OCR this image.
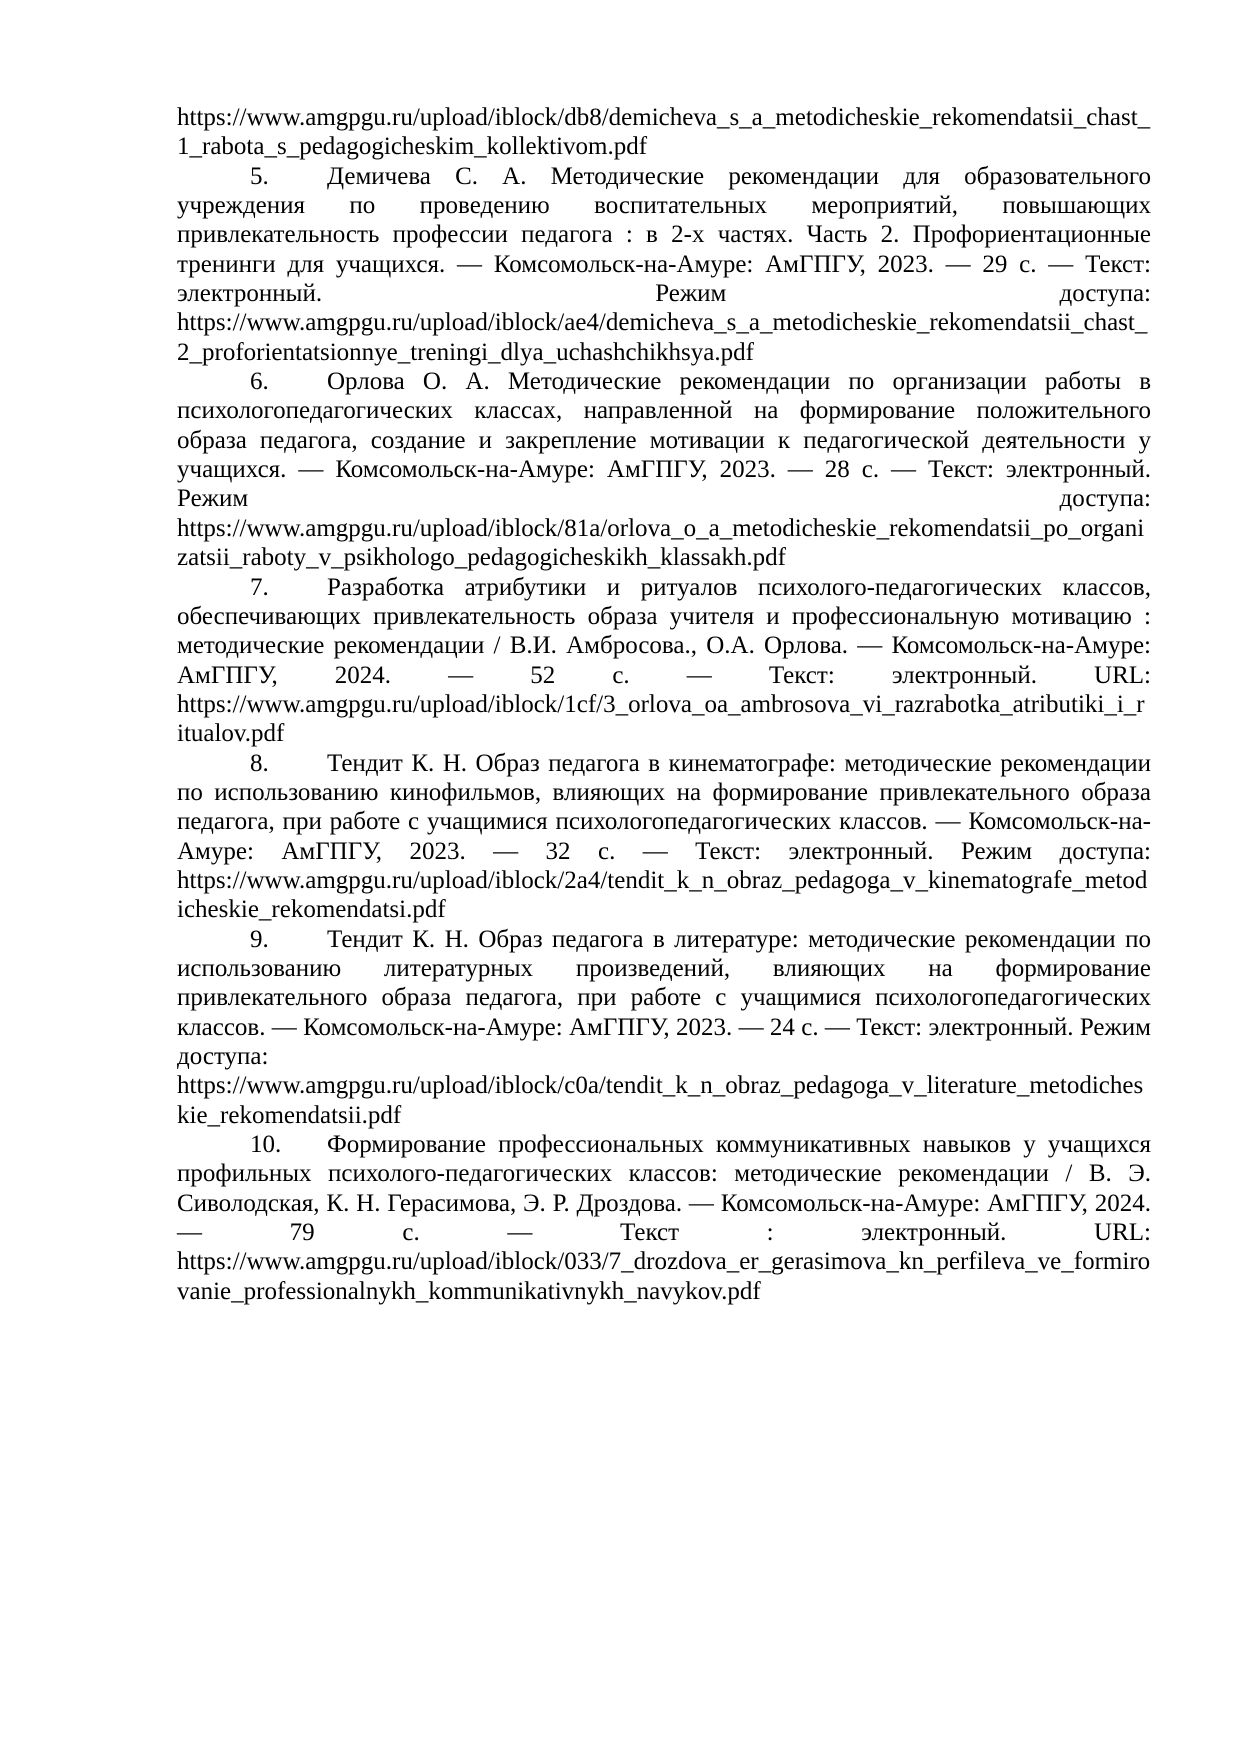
https://www.amgpgu.ru/upload/iblock/db8/demicheva_s_a_metodicheskie_rekomendatsii_chast_1_rabota_s_pedagogicheskim_kollektivom.pdf

5. Демичева С. А. Методические рекомендации для образовательного учреждения по проведению воспитательных мероприятий, повышающих привлекательность профессии педагога : в 2-х частях. Часть 2. Профориентационные тренинги для учащихся. — Комсомольск-на-Амуре: АмГПГУ, 2023. — 29 с. — Текст: электронный. Режим доступа: https://www.amgpgu.ru/upload/iblock/ae4/demicheva_s_a_metodicheskie_rekomendatsii_chast_2_proforientatsionnye_treningi_dlya_uchashchikhsya.pdf

6. Орлова О. А. Методические рекомендации по организации работы в психологопедагогических классах, направленной на формирование положительного образа педагога, создание и закрепление мотивации к педагогической деятельности у учащихся. — Комсомольск-на-Амуре: АмГПГУ, 2023. — 28 с. — Текст: электронный. Режим доступа: https://www.amgpgu.ru/upload/iblock/81a/orlova_o_a_metodicheskie_rekomendatsii_po_organizatsii_raboty_v_psikhologo_pedagogicheskikh_klassakh.pdf

7. Разработка атрибутики и ритуалов психолого-педагогических классов, обеспечивающих привлекательность образа учителя и профессиональную мотивацию : методические рекомендации / В.И. Амбросова., О.А. Орлова. — Комсомольск-на-Амуре: АмГПГУ, 2024. — 52 с. — Текст: электронный. URL: https://www.amgpgu.ru/upload/iblock/1cf/3_orlova_oa_ambrosova_vi_razrabotka_atributiki_i_ritualov.pdf

8. Тендит К. Н. Образ педагога в кинематографе: методические рекомендации по использованию кинофильмов, влияющих на формирование привлекательного образа педагога, при работе с учащимися психологопедагогических классов. — Комсомольск-на-Амуре: АмГПГУ, 2023. — 32 с. — Текст: электронный. Режим доступа: https://www.amgpgu.ru/upload/iblock/2a4/tendit_k_n_obraz_pedagoga_v_kinematografe_metodicheskie_rekomendatsi.pdf

9. Тендит К. Н. Образ педагога в литературе: методические рекомендации по использованию литературных произведений, влияющих на формирование привлекательного образа педагога, при работе с учащимися психологопедагогических классов. — Комсомольск-на-Амуре: АмГПГУ, 2023. — 24 с. — Текст: электронный. Режим доступа: https://www.amgpgu.ru/upload/iblock/c0a/tendit_k_n_obraz_pedagoga_v_literature_metodicheskie_rekomendatsii.pdf

10. Формирование профессиональных коммуникативных навыков у учащихся профильных психолого-педагогических классов: методические рекомендации / В. Э. Сиволодская, К. Н. Герасимова, Э. Р. Дроздова. — Комсомольск-на-Амуре: АмГПГУ, 2024. — 79 с. — Текст : электронный. URL: https://www.amgpgu.ru/upload/iblock/033/7_drozdova_er_gerasimova_kn_perfileva_ve_formirovanie_professionalnykh_kommunikativnykh_navykov.pdf
